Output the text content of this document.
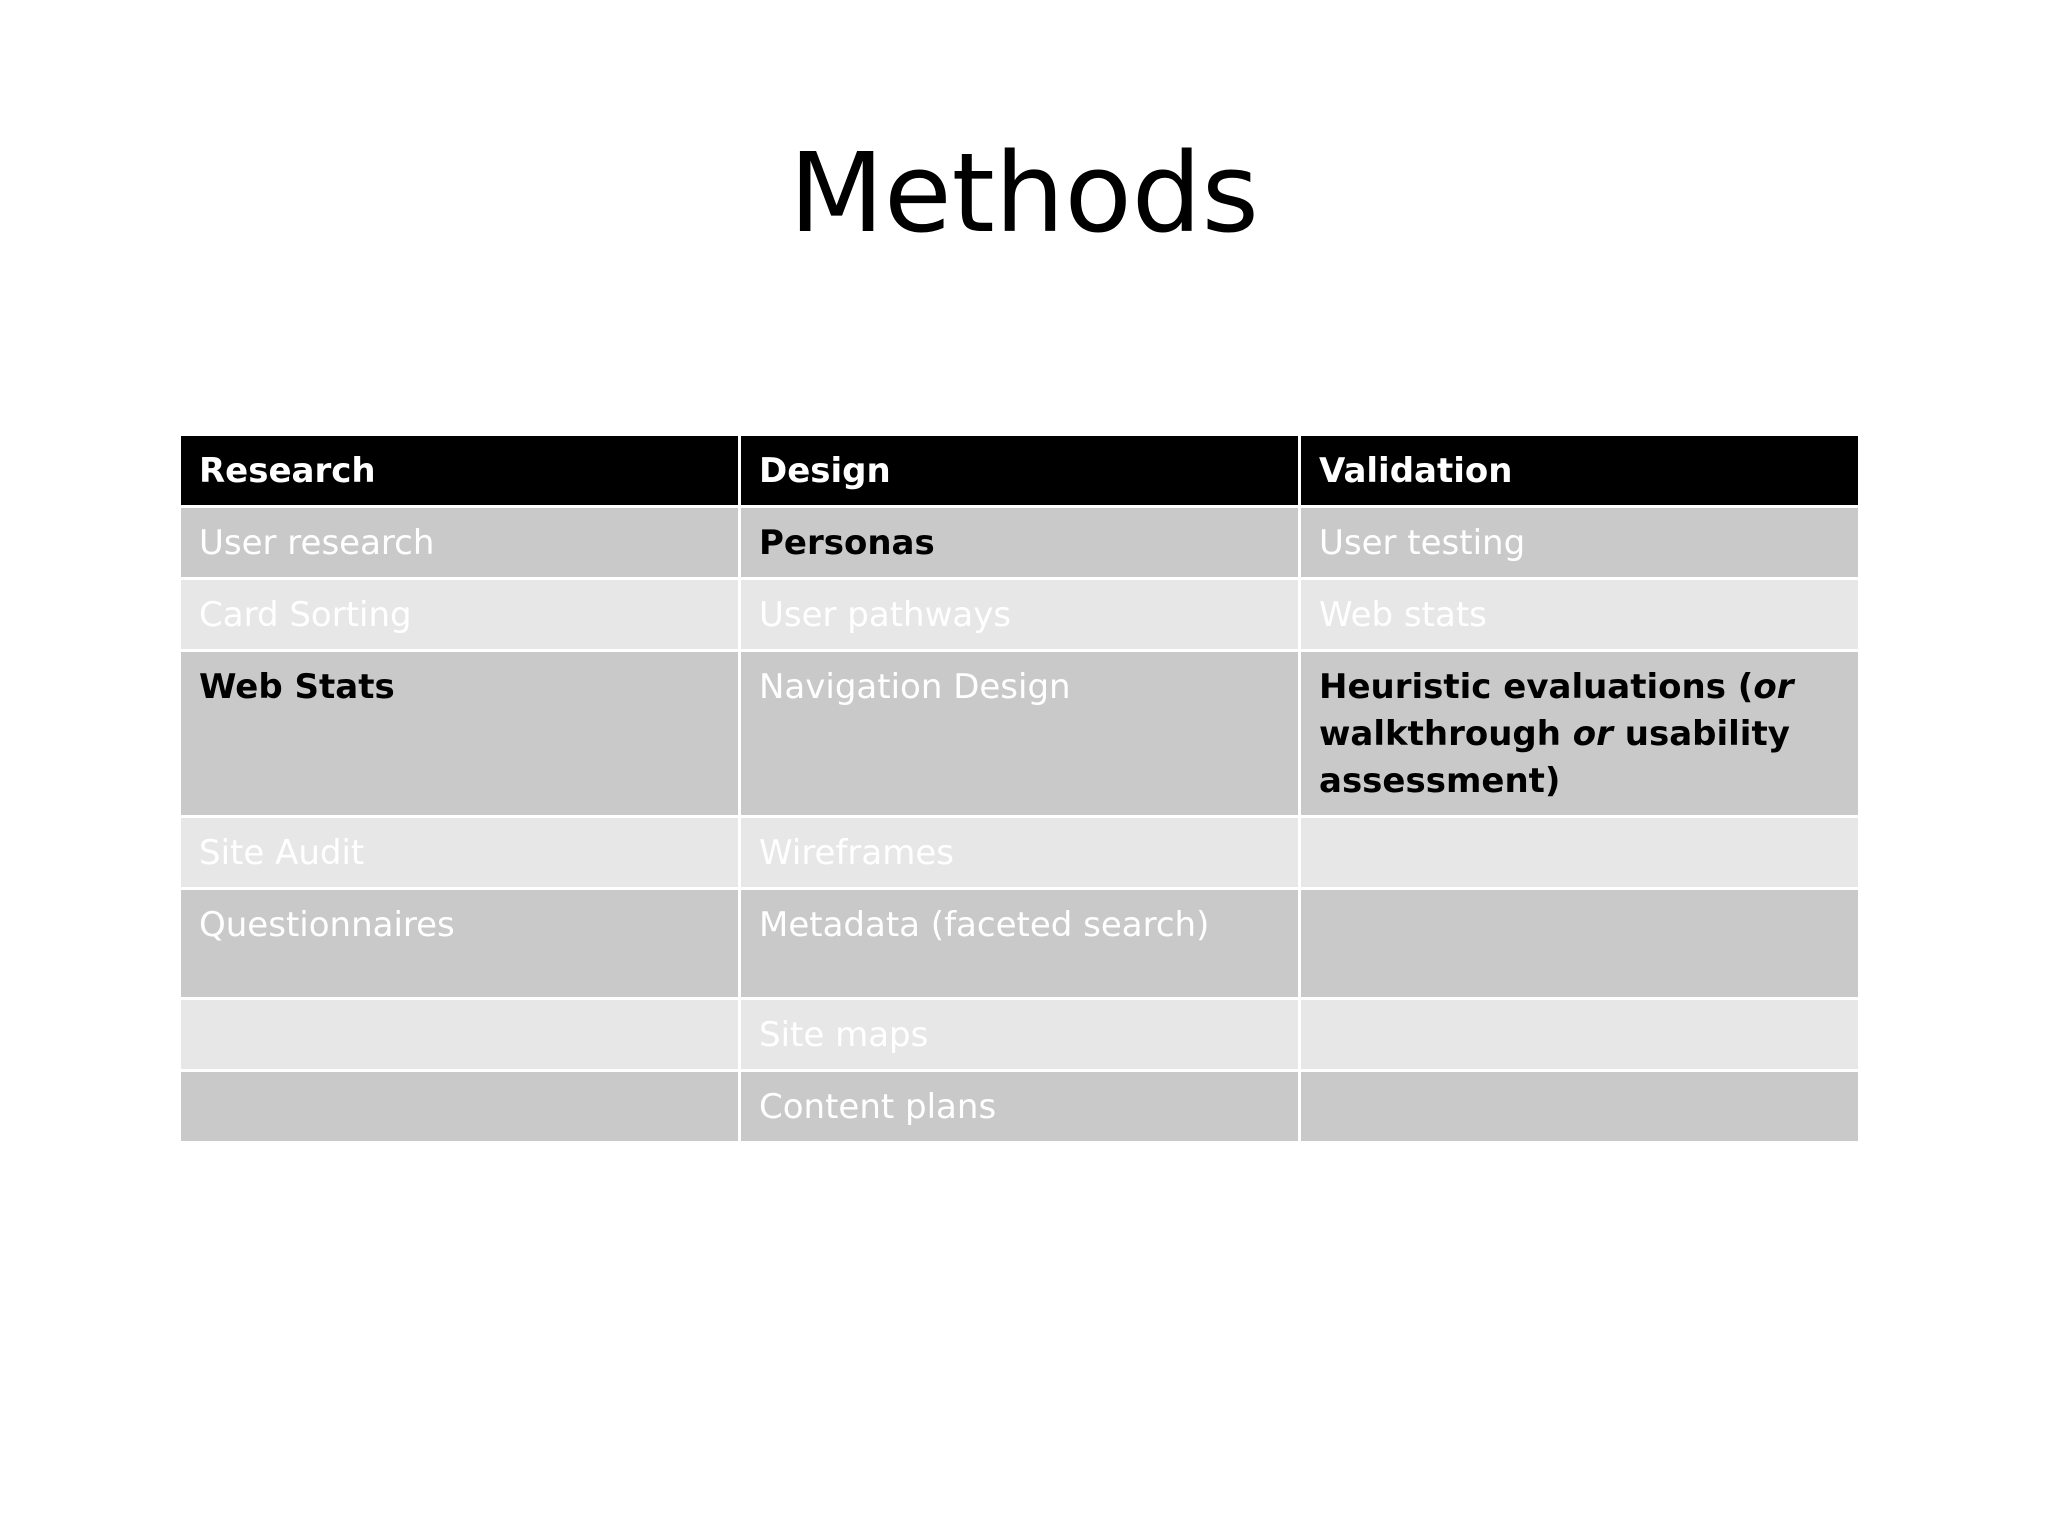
Methods
Research	Design	Validation
User research	Personas	User testing
Card Sorting	User pathways	Web stats
Web Stats	Navigation Design	Heuristic evaluations (or walkthrough or usability assessment)
Site Audit	Wireframes	
Questionnaires	Metadata (faceted search)	
	Site maps	
	Content plans	
